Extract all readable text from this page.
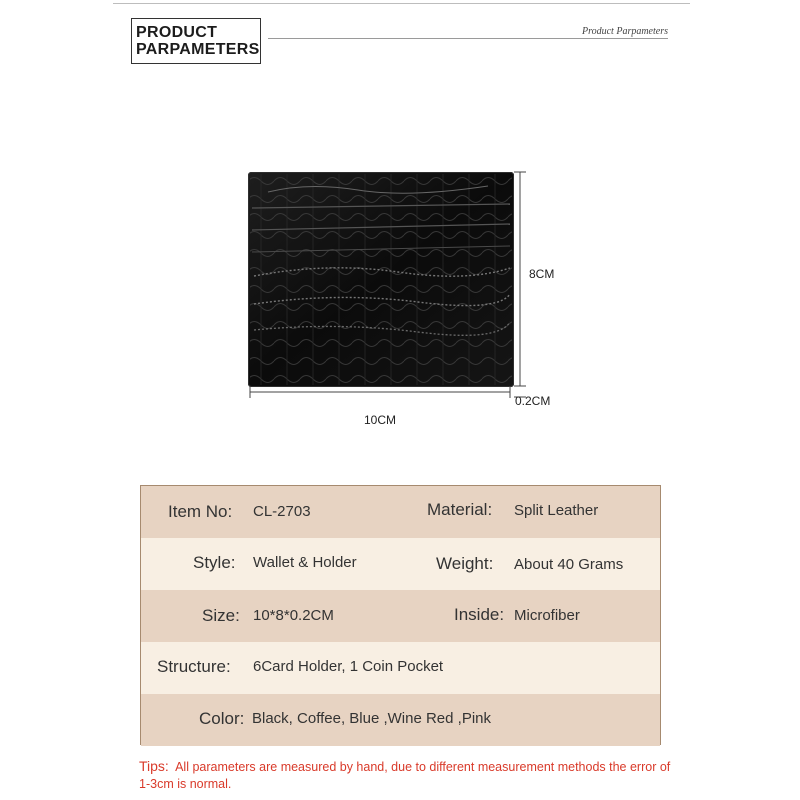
PRODUCT
PARPAMETERS
Product Parpameters
10CM
8CM
0.2CM
Item No: CL-2703	Material: Split Leather
Style: Wallet & Holder	Weight: About 40 Grams
Size: 10*8*0.2CM	Inside: Microfiber
Structure: 6Card Holder, 1 Coin Pocket
Color: Black, Coffee, Blue ,Wine Red ,Pink
Tips: All parameters are measured by hand, due to different measurement methods the error of 1-3cm is normal.
